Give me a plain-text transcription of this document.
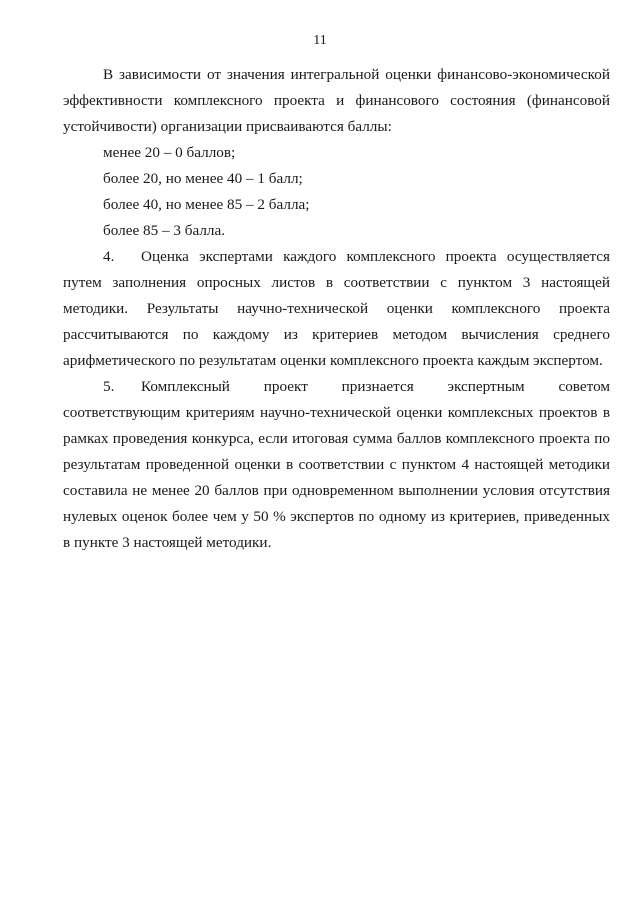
11

В зависимости от значения интегральной оценки финансово-экономической эффективности комплексного проекта и финансового состояния (финансовой устойчивости) организации присваиваются баллы:

менее 20 – 0 баллов;

более 20, но менее 40 – 1 балл;

более 40, но менее 85 – 2 балла;

более 85 – 3 балла.

4. Оценка экспертами каждого комплексного проекта осуществляется путем заполнения опросных листов в соответствии с пунктом 3 настоящей методики. Результаты научно-технической оценки комплексного проекта рассчитываются по каждому из критериев методом вычисления среднего арифметического по результатам оценки комплексного проекта каждым экспертом.

5. Комплексный проект признается экспертным советом соответствующим критериям научно-технической оценки комплексных проектов в рамках проведения конкурса, если итоговая сумма баллов комплексного проекта по результатам проведенной оценки в соответствии с пунктом 4 настоящей методики составила не менее 20 баллов при одновременном выполнении условия отсутствия нулевых оценок более чем у 50 % экспертов по одному из критериев, приведенных в пункте 3 настоящей методики.
